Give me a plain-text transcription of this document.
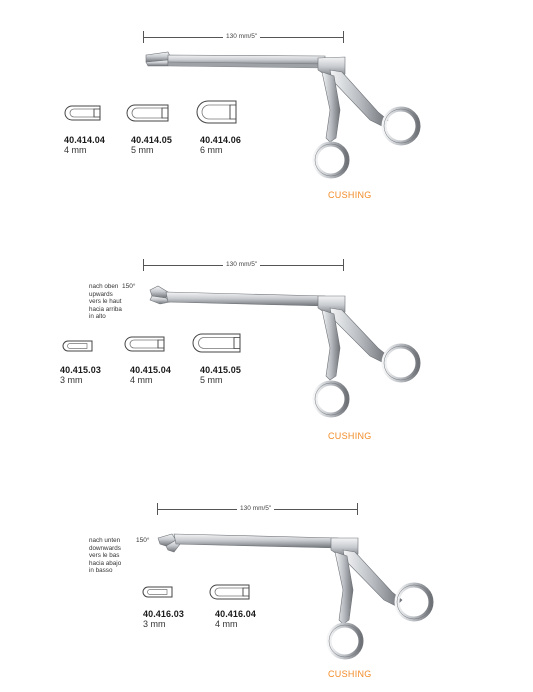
130 mm/5"
40.414.04
4 mm
40.414.05
5 mm
40.414.06
6 mm
CUSHING
130 mm/5"
nach oben
upwards
vers le haut
hacia arriba
in alto
150°
40.415.03
3 mm
40.415.04
4 mm
40.415.05
5 mm
CUSHING
130 mm/5"
nach unten
downwards
vers le bas
hacia abajo
in basso
150°
40.416.03
3 mm
40.416.04
4 mm
CUSHING
